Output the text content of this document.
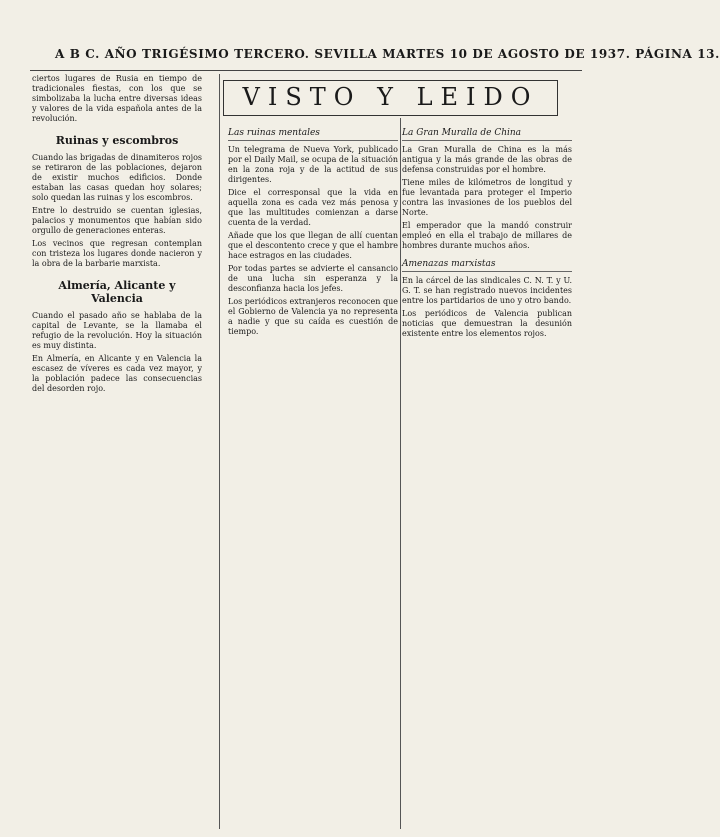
A B C. AÑO TRIGÉSIMO TERCERO. SEVILLA MARTES 10 DE AGOSTO DE 1937. PÁGINA 13.

ciertos lugares de Rusia en tiempo de tradicionales fiestas, con los que se simbolizaba la lucha entre diversas ideas y valores de la vida española antes de la revolución.

Ruinas y escombros

Cuando las brigadas de dinamiteros rojos se retiraron de las poblaciones, dejaron de existir muchos edificios. Donde estaban las casas quedan hoy solares; solo quedan las ruinas y los escombros.

Entre lo destruido se cuentan iglesias, palacios y monumentos que habían sido orgullo de generaciones enteras.

Los vecinos que regresan contemplan con tristeza los lugares donde nacieron y la obra de la barbarie marxista.

Almería, Alicante y Valencia

Cuando el pasado año se hablaba de la capital de Levante, se la llamaba el refugio de la revolución. Hoy la situación es muy distinta.

En Almería, en Alicante y en Valencia la escasez de víveres es cada vez mayor, y la población padece las consecuencias del desorden rojo.

VISTO Y LEIDO
Las ruinas mentales

Un telegrama de Nueva York, publicado por el Daily Mail, se ocupa de la situación en la zona roja y de la actitud de sus dirigentes.

Dice el corresponsal que la vida en aquella zona es cada vez más penosa y que las multitudes comienzan a darse cuenta de la verdad.

Añade que los que llegan de allí cuentan que el descontento crece y que el hambre hace estragos en las ciudades.

Por todas partes se advierte el cansancio de una lucha sin esperanza y la desconfianza hacia los jefes.

Los periódicos extranjeros reconocen que el Gobierno de Valencia ya no representa a nadie y que su caída es cuestión de tiempo.

La Gran Muralla de China

La Gran Muralla de China es la más antigua y la más grande de las obras de defensa construidas por el hombre.

Tiene miles de kilómetros de longitud y fue levantada para proteger el Imperio contra las invasiones de los pueblos del Norte.

El emperador que la mandó construir empleó en ella el trabajo de millares de hombres durante muchos años.

Amenazas marxistas

En la cárcel de las sindicales C. N. T. y U. G. T. se han registrado nuevos incidentes entre los partidarios de uno y otro bando.

Los periódicos de Valencia publican noticias que demuestran la desunión existente entre los elementos rojos.
